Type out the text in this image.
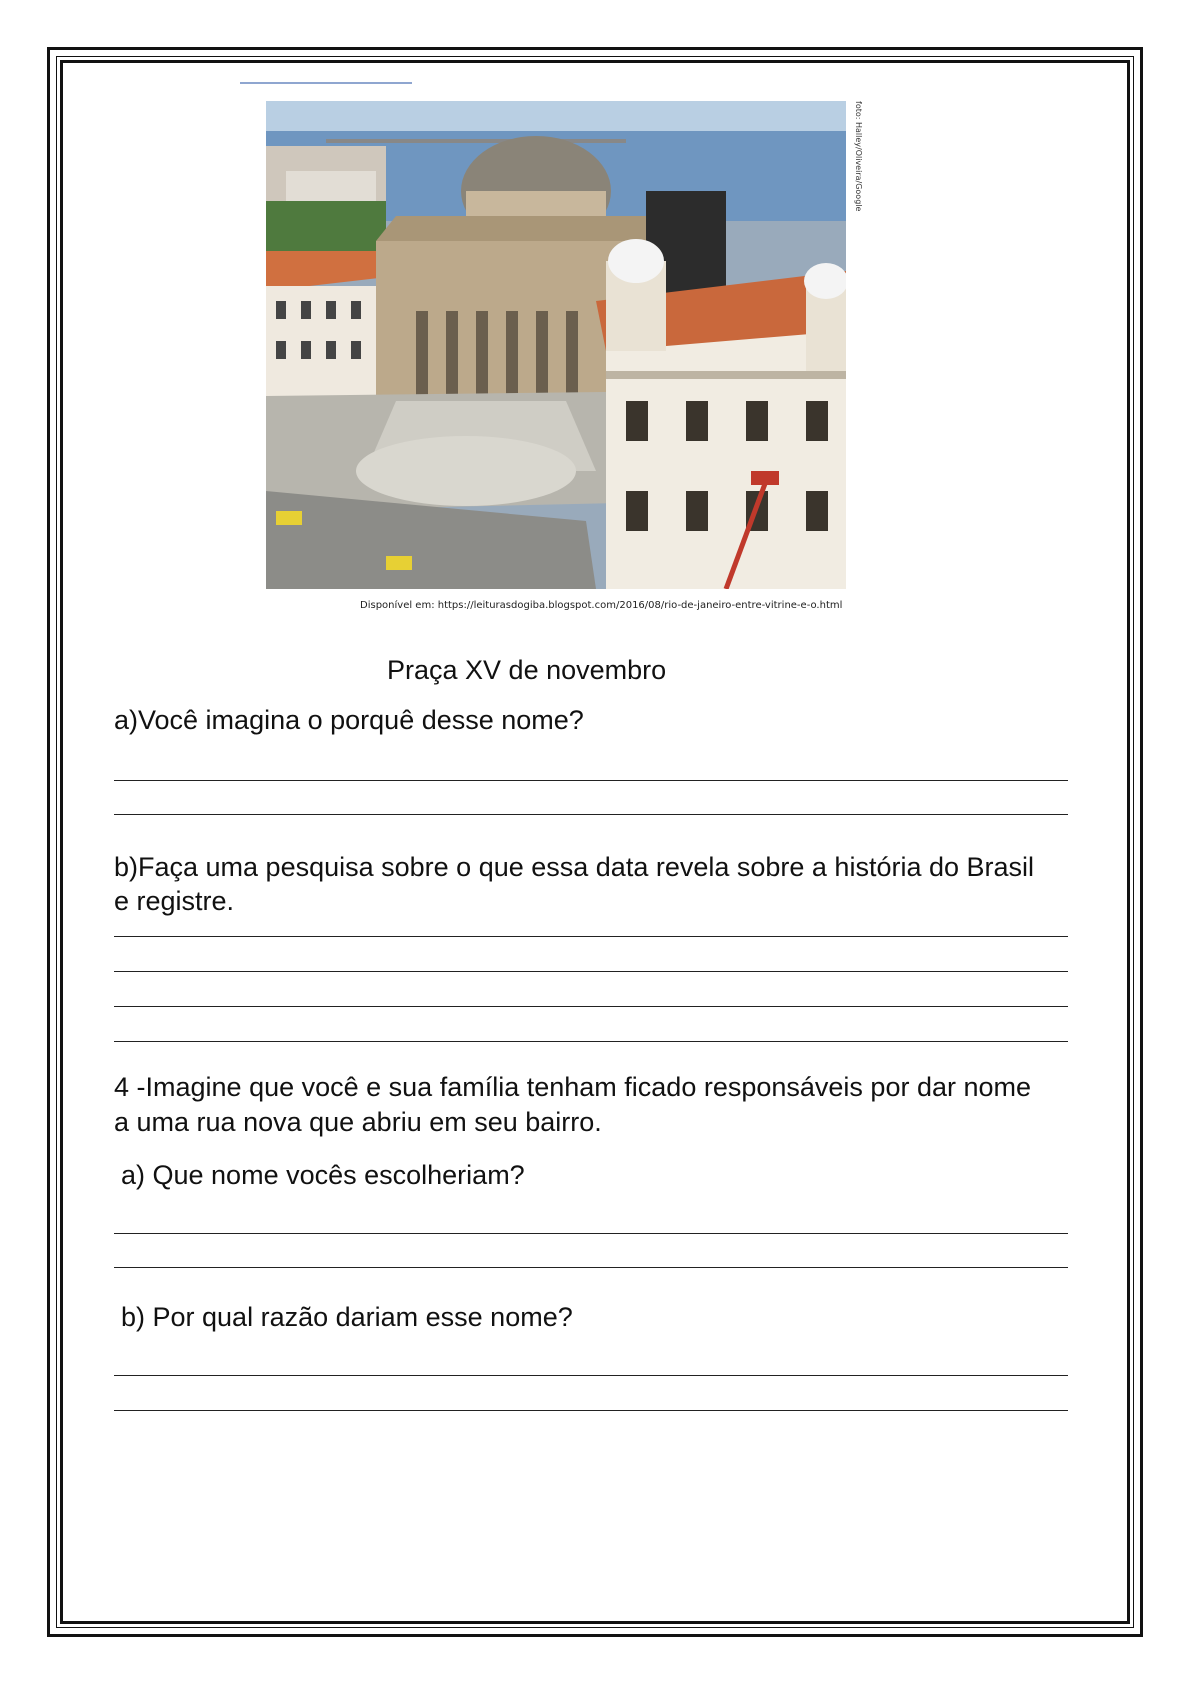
foto: Halley/Oliveira/Google
Disponível em: https://leiturasdogiba.blogspot.com/2016/08/rio-de-janeiro-entre-vitrine-e-o.html
Praça XV de novembro
a)Você imagina o porquê desse nome?
b)Faça uma pesquisa sobre o que essa data revela sobre a história do Brasil
e registre.
4 -Imagine que você e sua família tenham ficado responsáveis por dar nome
a uma rua nova que abriu em seu bairro.
a) Que nome vocês escolheriam?
b) Por qual razão dariam esse nome?
